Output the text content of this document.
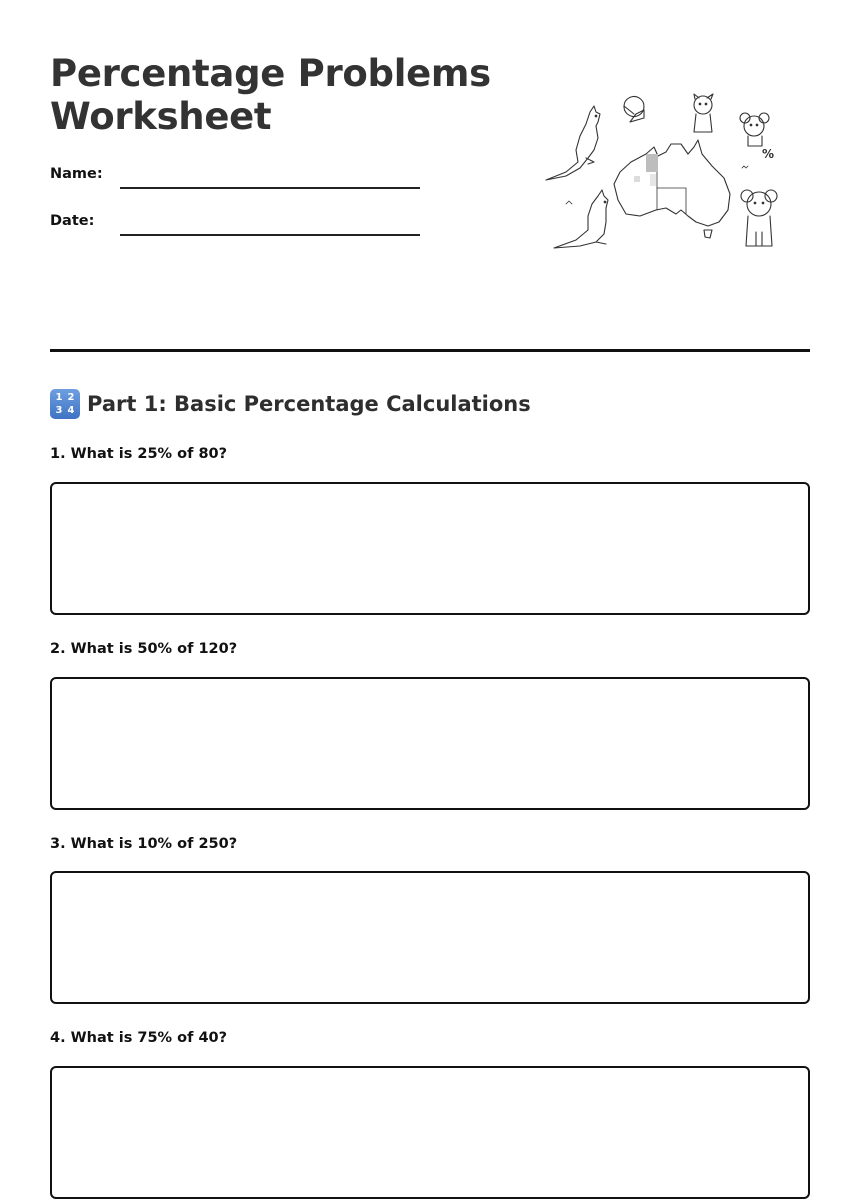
Percentage Problems Worksheet
Name:
Date:
%
1 2
3 4 Part 1: Basic Percentage Calculations
1. What is 25% of 80?
2. What is 50% of 120?
3. What is 10% of 250?
4. What is 75% of 40?
